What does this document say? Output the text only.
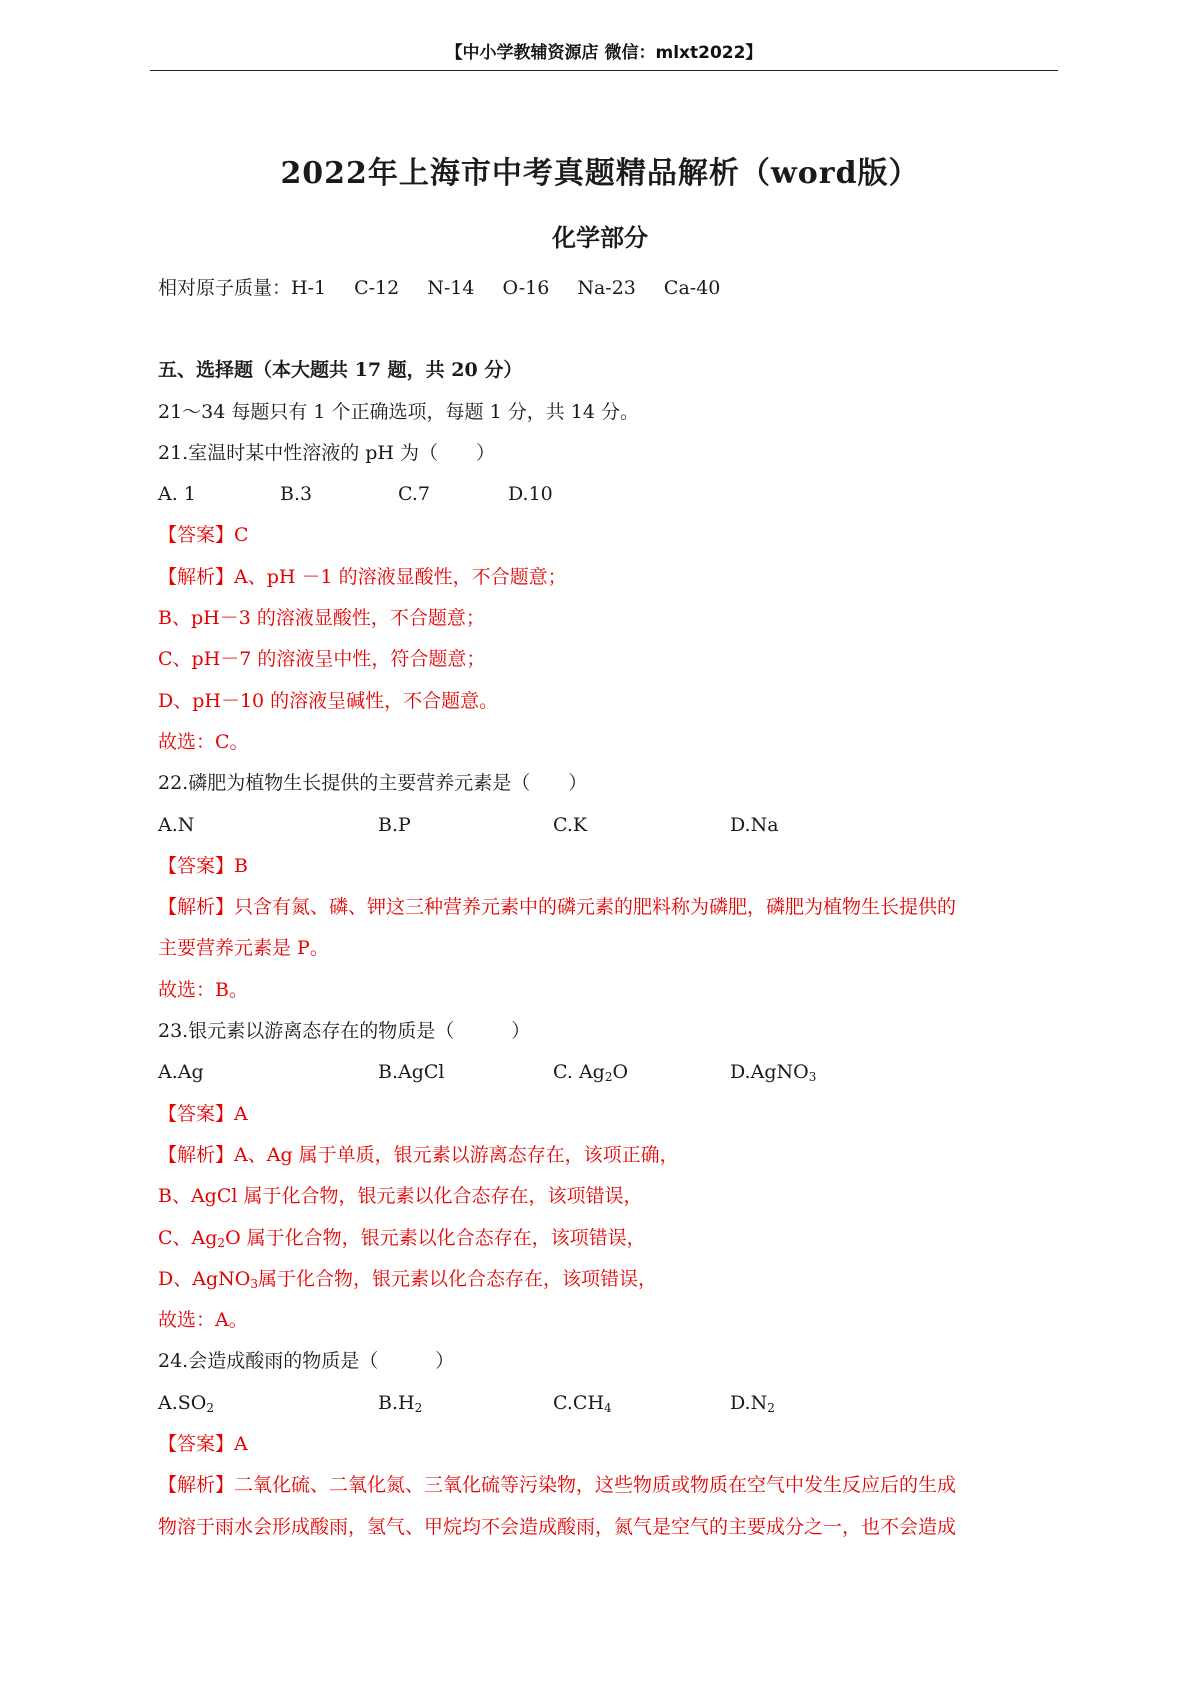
【中小学教辅资源店 微信：mlxt2022】
2022年上海市中考真题精品解析（word版）
化学部分
相对原子质量：H-1 C-12 N-14 O-16 Na-23 Ca-40
五、选择题（本大题共 17 题，共 20 分）
21～34 每题只有 1 个正确选项，每题 1 分，共 14 分。
21.室温时某中性溶液的 pH 为（　　）
A. 1	B.3	C.7	D.10
【答案】C
【解析】A、pH －1 的溶液显酸性，不合题意；
B、pH－3 的溶液显酸性，不合题意；
C、pH－7 的溶液呈中性，符合题意；
D、pH－10 的溶液呈碱性，不合题意。
故选：C。
22.磷肥为植物生长提供的主要营养元素是（　　）
A.N	B.P	C.K	D.Na
【答案】B
【解析】只含有氮、磷、钾这三种营养元素中的磷元素的肥料称为磷肥，磷肥为植物生长提供的
主要营养元素是 P。
故选：B。
23.银元素以游离态存在的物质是（　　　）
A.Ag	B.AgCl	C. $Ag_2O$	D.AgNO$_3$
【答案】A
【解析】A、Ag 属于单质，银元素以游离态存在，该项正确，
B、AgCl 属于化合物，银元素以化合态存在，该项错误，
C、$Ag_2O$ 属于化合物，银元素以化合态存在，该项错误，
D、AgNO$_3$属于化合物，银元素以化合态存在，该项错误，
故选：A。
24.会造成酸雨的物质是（　　　）
$A.SO_2$	$B.H_2$	$C.CH_4$	$D.N_2$
【答案】A
【解析】二氧化硫、二氧化氮、三氧化硫等污染物，这些物质或物质在空气中发生反应后的生成
物溶于雨水会形成酸雨，氢气、甲烷均不会造成酸雨，氮气是空气的主要成分之一，也不会造成
